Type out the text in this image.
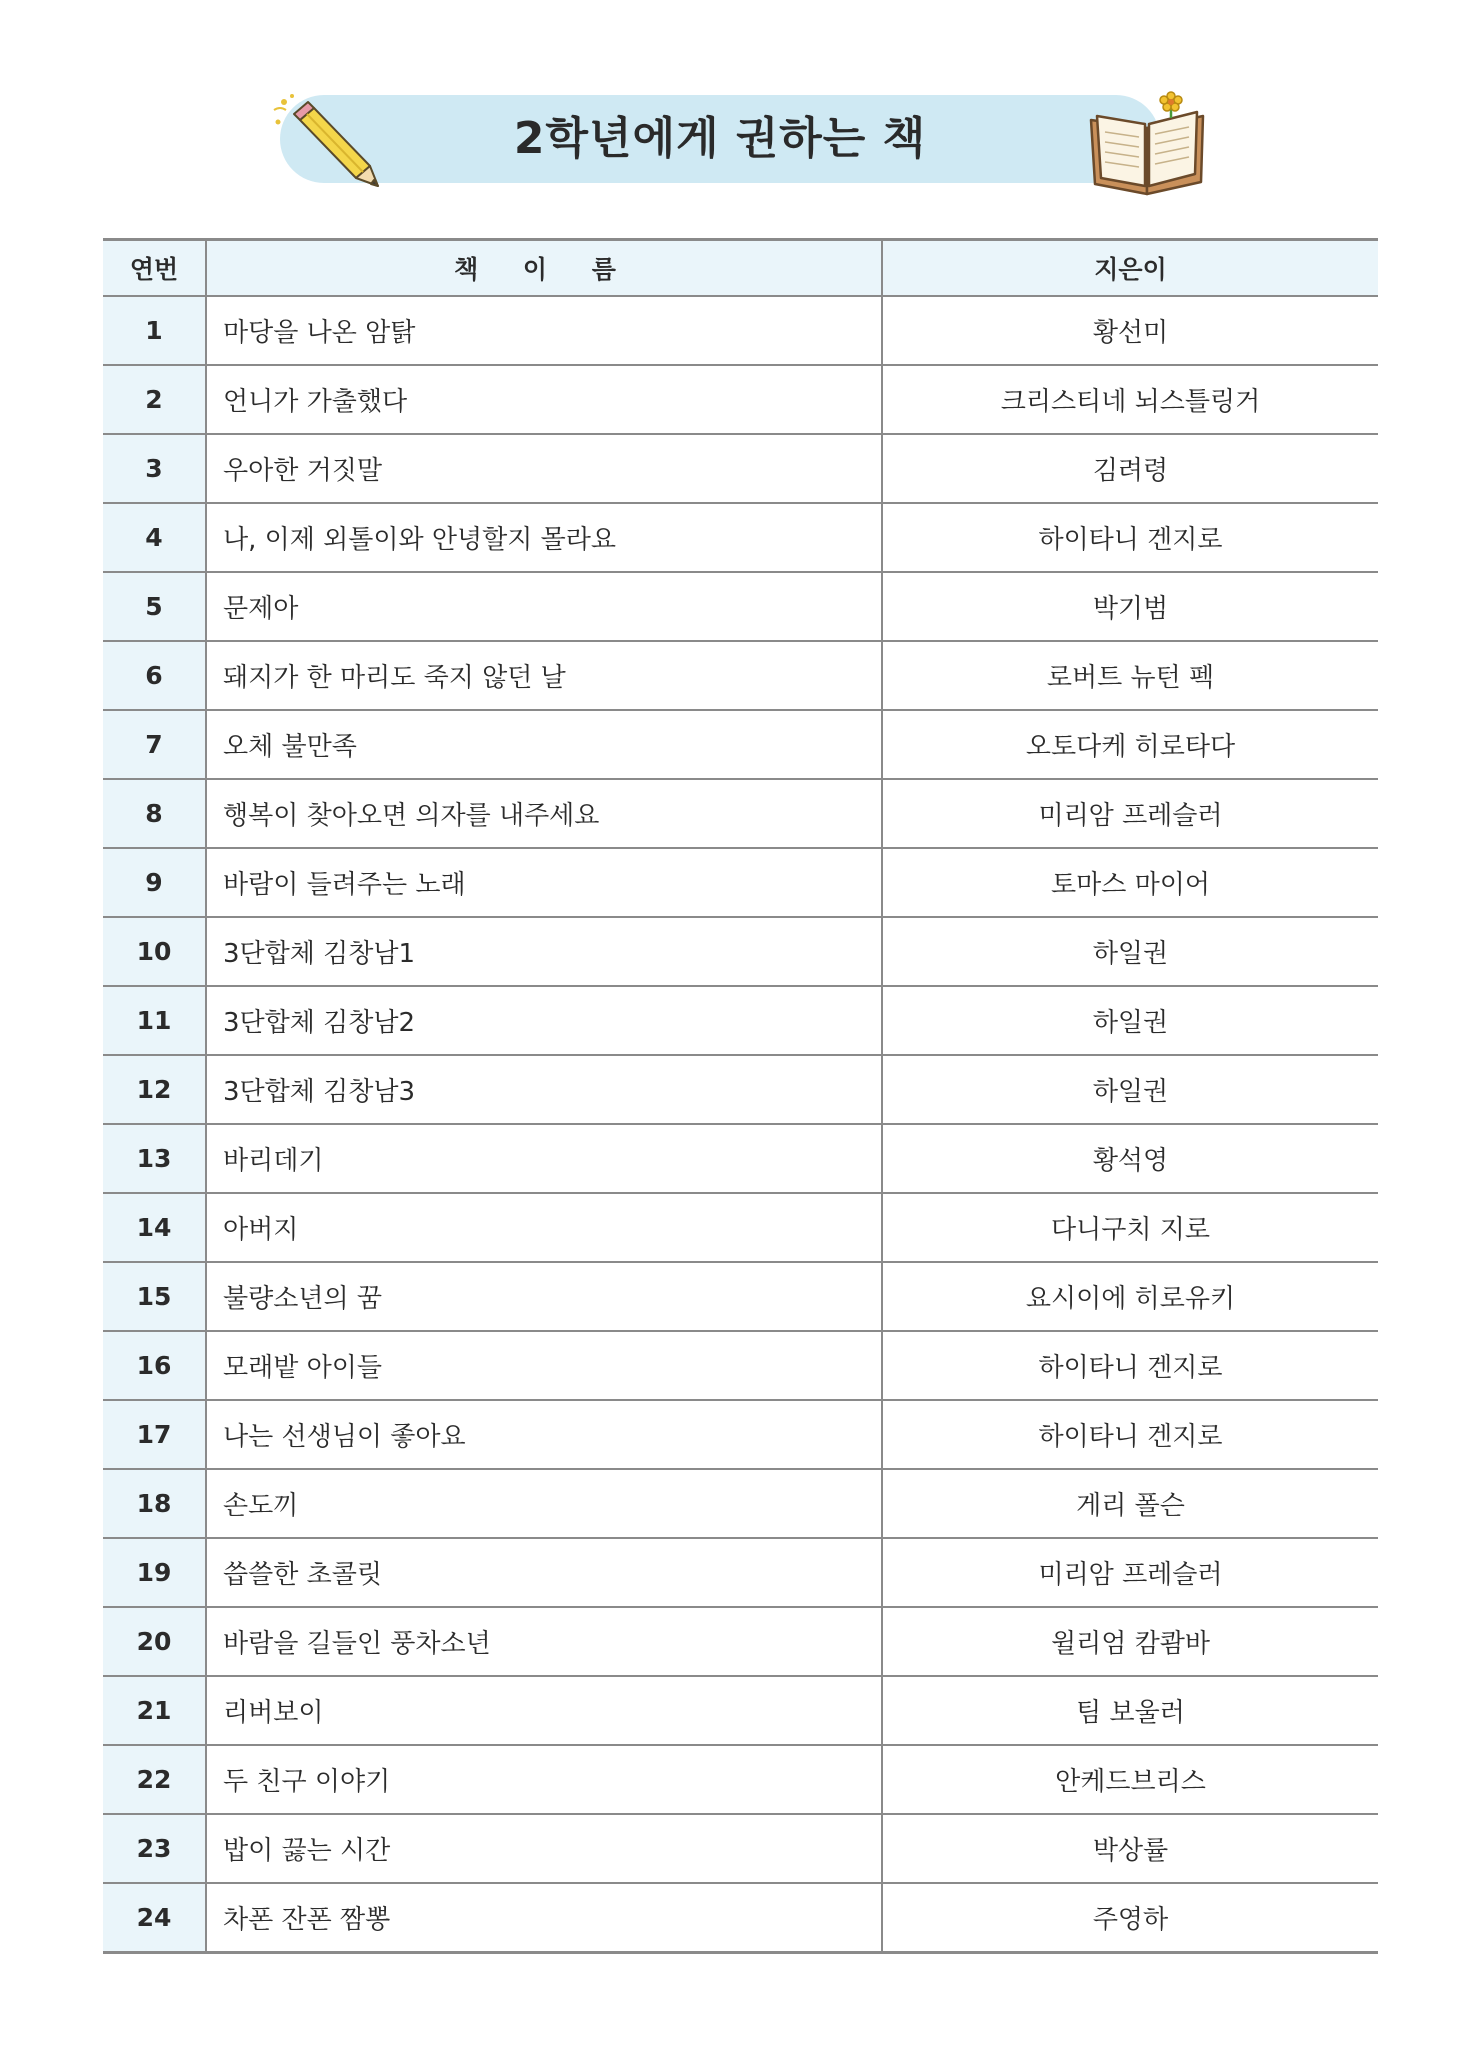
2학년에게 권하는 책
연번	책 이 름	지은이
1	마당을 나온 암탉	황선미
2	언니가 가출했다	크리스티네 뇌스틀링거
3	우아한 거짓말	김려령
4	나, 이제 외톨이와 안녕할지 몰라요	하이타니 겐지로
5	문제아	박기범
6	돼지가 한 마리도 죽지 않던 날	로버트 뉴턴 펙
7	오체 불만족	오토다케 히로타다
8	행복이 찾아오면 의자를 내주세요	미리암 프레슬러
9	바람이 들려주는 노래	토마스 마이어
10	3단합체 김창남1	하일권
11	3단합체 김창남2	하일권
12	3단합체 김창남3	하일권
13	바리데기	황석영
14	아버지	다니구치 지로
15	불량소년의 꿈	요시이에 히로유키
16	모래밭 아이들	하이타니 겐지로
17	나는 선생님이 좋아요	하이타니 겐지로
18	손도끼	게리 폴슨
19	씁쓸한 초콜릿	미리암 프레슬러
20	바람을 길들인 풍차소년	윌리엄 캄쾀바
21	리버보이	팀 보울러
22	두 친구 이야기	안케드브리스
23	밥이 끓는 시간	박상률
24	차폰 잔폰 짬뽕	주영하
